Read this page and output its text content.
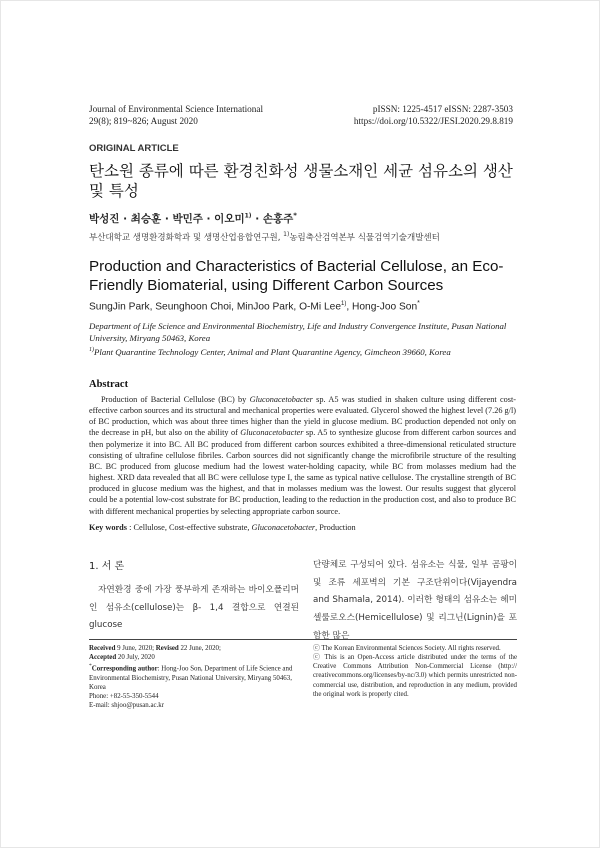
Journal of Environmental Science International
29(8); 819~826; August 2020
pISSN: 1225-4517 eISSN: 2287-3503
https://doi.org/10.5322/JESI.2020.29.8.819
ORIGINAL ARTICLE
탄소원 종류에 따른 환경친화성 생물소재인 세균 섬유소의 생산 및 특성
박성진 · 최승훈 · 박민주 · 이오미$^{1)}$ · 손홍주*
부산대학교 생명환경화학과 및 생명산업융합연구원, $^{1)}$농림축산검역본부 식물검역기술개발센터
Production and Characteristics of Bacterial Cellulose, an Eco-Friendly Biomaterial, using Different Carbon Sources
SungJin Park, Seunghoon Choi, MinJoo Park, O-Mi Lee$^{1)}$, Hong-Joo Son*
Department of Life Science and Environmental Biochemistry, Life and Industry Convergence Institute, Pusan National University, Miryang 50463, Korea
$^{1)}$Plant Quarantine Technology Center, Animal and Plant Quarantine Agency, Gimcheon 39660, Korea
Abstract

Production of Bacterial Cellulose (BC) by Gluconacetobacter sp. A5 was studied in shaken culture using different cost-effective carbon sources and its structural and mechanical properties were evaluated. Glycerol showed the highest level (7.26 g/l) of BC production, which was about three times higher than the yield in glucose medium. BC production depended not only on the decrease in pH, but also on the ability of Gluconacetobacter sp. A5 to synthesize glucose from different carbon sources and then polymerize it into BC. All BC produced from different carbon sources exhibited a three-dimensional reticulated structure consisting of ultrafine cellulose fibriles. Carbon sources did not significantly change the microfibrile structure of the resulting BC. BC produced from glucose medium had the lowest water-holding capacity, while BC from molasses medium had the highest. XRD data revealed that all BC were cellulose type I, the same as typical native cellulose. The crystalline strength of BC produced in glucose medium was the highest, and that in molasses medium was the lowest. Our results suggest that glycerol could be a potential low-cost substrate for BC production, leading to the reduction in the production cost, and also to produce BC with different mechanical properties by selecting appropriate carbon source.

Key words : Cellulose, Cost-effective substrate, Gluconacetobacter, Production
1. 서 론

자연환경 중에 가장 풍부하게 존재하는 바이오폴리머인 섬유소(cellulose)는 β- 1,4 결합으로 연결된 glucose

단량체로 구성되어 있다. 섬유소는 식물, 일부 곰팡이 및 조류 세포벽의 기본 구조단위이다(Vijayendra and Shamala, 2014). 이러한 형태의 섬유소는 헤미셀룰로오스(Hemicellulose) 및 리그닌(Lignin)을 포함한 많은

Received 9 June, 2020; Revised 22 June, 2020;
Accepted 20 July, 2020
*Corresponding author: Hong-Joo Son, Department of Life Science and Environmental Biochemistry, Pusan National University, Miryang 50463, Korea
Phone: +82-55-350-5544
E-mail: shjoo@pusan.ac.kr
ⓒ The Korean Environmental Sciences Society. All rights reserved.
ⓒ This is an Open-Access article distributed under the terms of the Creative Commons Attribution Non-Commercial License (http:// creativecommons.org/licenses/by-nc/3.0) which permits unrestricted non-commercial use, distribution, and reproduction in any medium, provided the original work is properly cited.
